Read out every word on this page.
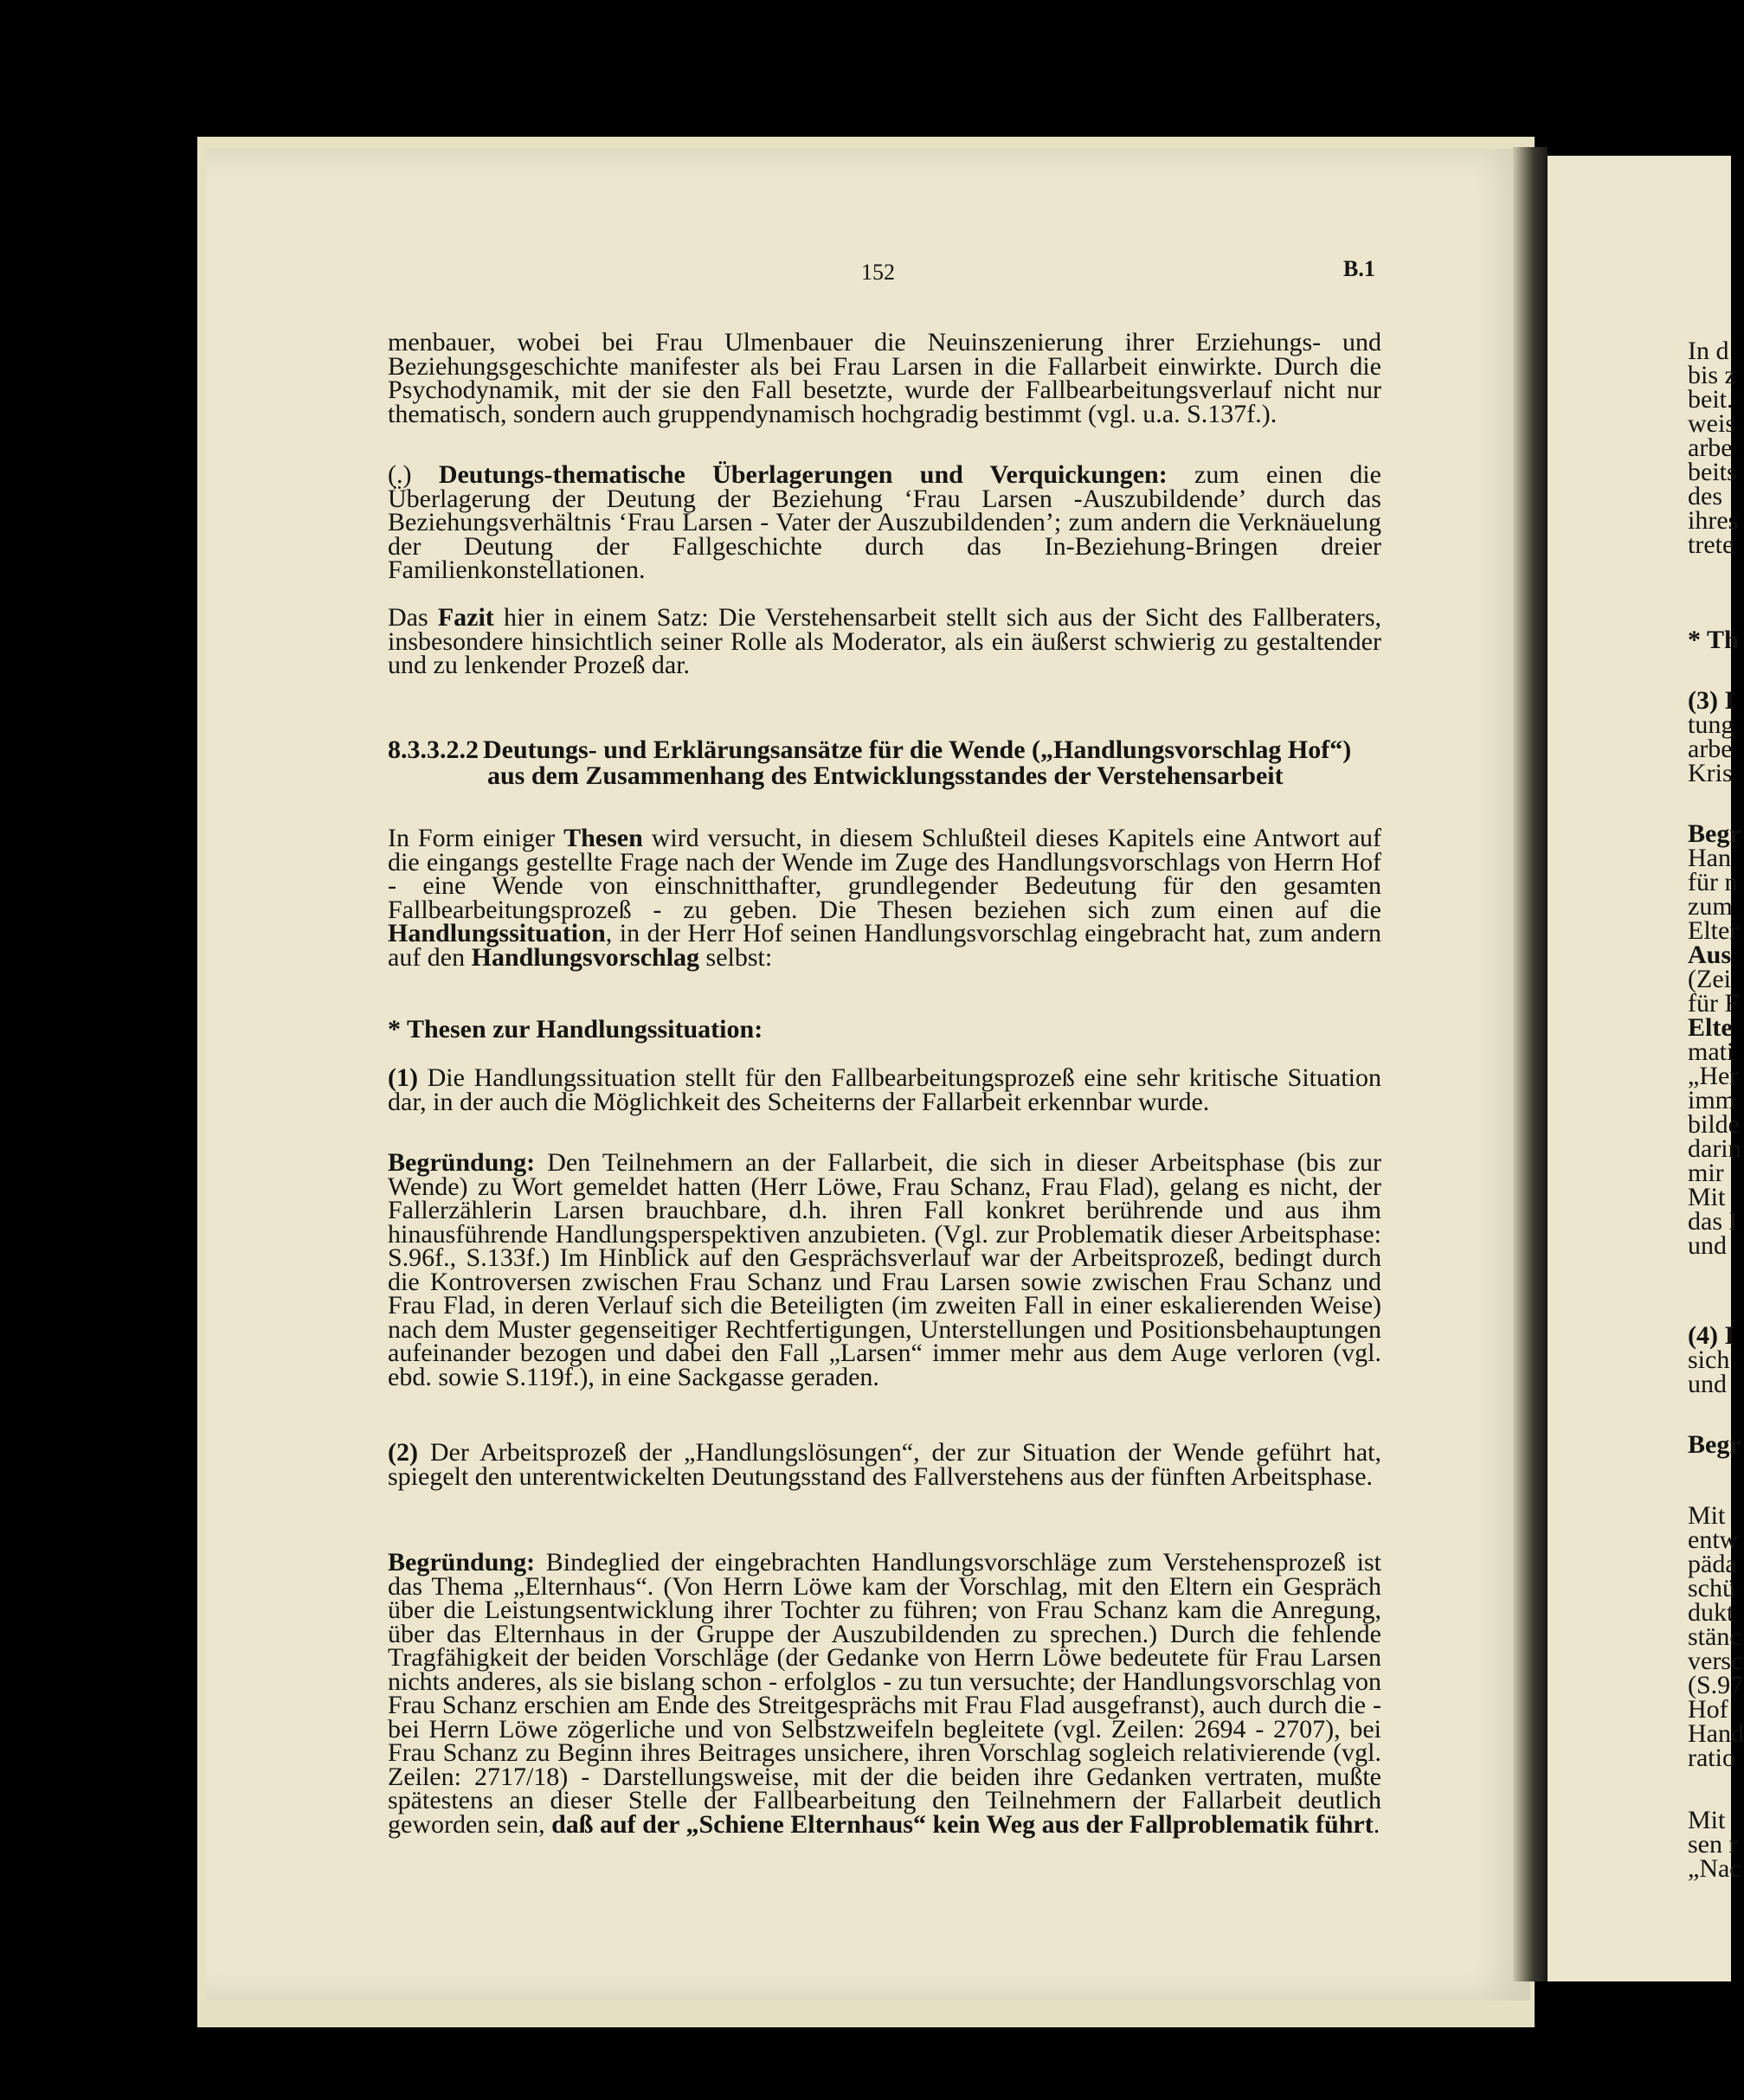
152	B.1
menbauer, wobei bei Frau Ulmenbauer die Neuinszenierung ihrer Erziehungs- und Beziehungsgeschichte manifester als bei Frau Larsen in die Fallarbeit einwirkte. Durch die Psychodynamik, mit der sie den Fall besetzte, wurde der Fallbearbeitungsverlauf nicht nur thematisch, sondern auch gruppendynamisch hochgradig bestimmt (vgl. u.a. S.137f.).
(.) Deutungs-thematische Überlagerungen und Verquickungen: zum einen die Überlagerung der Deutung der Beziehung ‘Frau Larsen -Auszubildende’ durch das Beziehungsverhältnis ‘Frau Larsen - Vater der Auszubildenden’; zum andern die Verknäuelung der Deutung der Fallgeschichte durch das In-Beziehung-Bringen dreier Familienkonstellationen.
Das Fazit hier in einem Satz: Die Verstehensarbeit stellt sich aus der Sicht des Fallberaters, insbesondere hinsichtlich seiner Rolle als Moderator, als ein äußerst schwierig zu gestaltender und zu lenkender Prozeß dar.
8.3.3.2.2 Deutungs- und Erklärungsansätze für die Wende („Handlungsvorschlag Hof“)
aus dem Zusammenhang des Entwicklungsstandes der Verstehensarbeit
In Form einiger Thesen wird versucht, in diesem Schlußteil dieses Kapitels eine Antwort auf die eingangs gestellte Frage nach der Wende im Zuge des Handlungsvorschlags von Herrn Hof - eine Wende von einschnitthafter, grundlegender Bedeutung für den gesamten Fallbearbeitungsprozeß - zu geben. Die Thesen beziehen sich zum einen auf die Handlungssituation, in der Herr Hof seinen Handlungsvorschlag eingebracht hat, zum andern auf den Handlungsvorschlag selbst:
* Thesen zur Handlungssituation:
(1) Die Handlungssituation stellt für den Fallbearbeitungsprozeß eine sehr kritische Situation dar, in der auch die Möglichkeit des Scheiterns der Fallarbeit erkennbar wurde.
Begründung: Den Teilnehmern an der Fallarbeit, die sich in dieser Arbeitsphase (bis zur Wende) zu Wort gemeldet hatten (Herr Löwe, Frau Schanz, Frau Flad), gelang es nicht, der Fallerzählerin Larsen brauchbare, d.h. ihren Fall konkret berührende und aus ihm hinausführende Handlungsperspektiven anzubieten. (Vgl. zur Problematik dieser Arbeitsphase: S.96f., S.133f.) Im Hinblick auf den Gesprächsverlauf war der Arbeitsprozeß, bedingt durch die Kontroversen zwischen Frau Schanz und Frau Larsen sowie zwischen Frau Schanz und Frau Flad, in deren Verlauf sich die Beteiligten (im zweiten Fall in einer eskalierenden Weise) nach dem Muster gegenseitiger Rechtfertigungen, Unterstellungen und Positionsbehauptungen aufeinander bezogen und dabei den Fall „Larsen“ immer mehr aus dem Auge verloren (vgl. ebd. sowie S.119f.), in eine Sackgasse geraden.
(2) Der Arbeitsprozeß der „Handlungslösungen“, der zur Situation der Wende geführt hat, spiegelt den unterentwickelten Deutungsstand des Fallverstehens aus der fünften Arbeitsphase.
Begründung: Bindeglied der eingebrachten Handlungsvorschläge zum Verstehensprozeß ist das Thema „Elternhaus“. (Von Herrn Löwe kam der Vorschlag, mit den Eltern ein Gespräch über die Leistungsentwicklung ihrer Tochter zu führen; von Frau Schanz kam die Anregung, über das Elternhaus in der Gruppe der Auszubildenden zu sprechen.) Durch die fehlende Tragfähigkeit der beiden Vorschläge (der Gedanke von Herrn Löwe bedeutete für Frau Larsen nichts anderes, als sie bislang schon - erfolglos - zu tun versuchte; der Handlungsvorschlag von Frau Schanz erschien am Ende des Streitgesprächs mit Frau Flad ausgefranst), auch durch die - bei Herrn Löwe zögerliche und von Selbstzweifeln begleitete (vgl. Zeilen: 2694 - 2707), bei Frau Schanz zu Beginn ihres Beitrages unsichere, ihren Vorschlag sogleich relativierende (vgl. Zeilen: 2717/18) - Darstellungsweise, mit der die beiden ihre Gedanken vertraten, mußte spätestens an dieser Stelle der Fallbearbeitung den Teilnehmern der Fallarbeit deutlich geworden sein, daß auf der „Schiene Elternhaus“ kein Weg aus der Fallproblematik führt.
In d
bis z
beit.
weis
arbe
beits
des
ihres
trete
* Th
(3) I
tung
arbe
Kris
Begr
Han
für n
zum
Elter
Aus
(Zei
für F
Elte
mati
„Her
imm
bilde
darin
mir
Mit
das I
und
(4) I
sich
und
Begr
Mit
entw
päda
schü
dukt
stänc
versc
(S.97
Hof
Hand
ratio
Mit
sen r
„Nac
